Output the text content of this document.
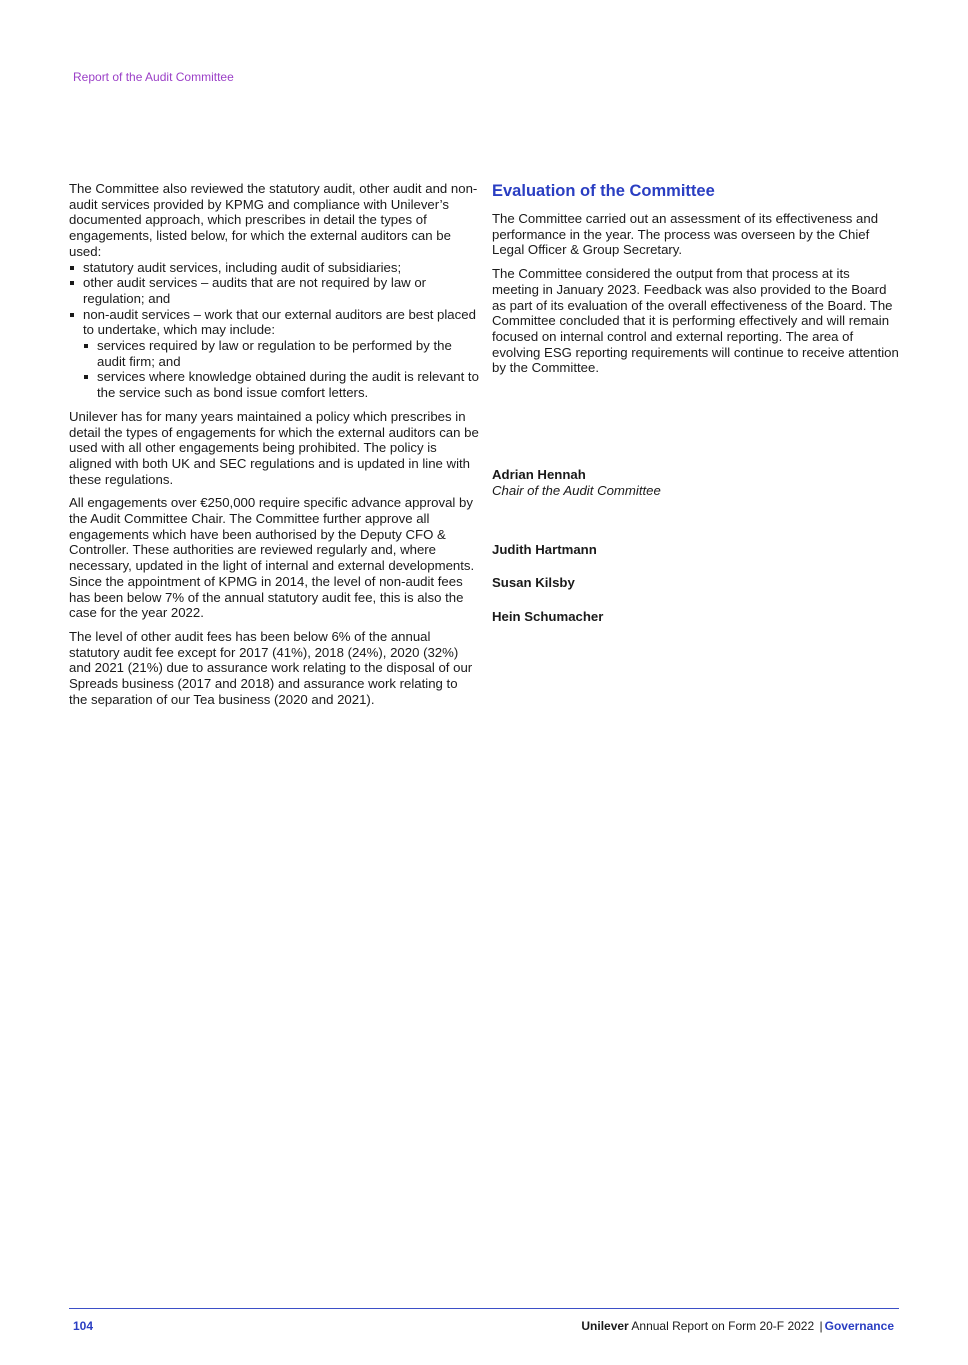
Report of the Audit Committee

The Committee also reviewed the statutory audit, other audit and non-audit services provided by KPMG and compliance with Unilever’s documented approach, which prescribes in detail the types of engagements, listed below, for which the external auditors can be used:

statutory audit services, including audit of subsidiaries;
other audit services – audits that are not required by law or regulation; and
non-audit services – work that our external auditors are best placed to undertake, which may include:
services required by law or regulation to be performed by the audit firm; and
services where knowledge obtained during the audit is relevant to the service such as bond issue comfort letters.

Unilever has for many years maintained a policy which prescribes in detail the types of engagements for which the external auditors can be used with all other engagements being prohibited. The policy is aligned with both UK and SEC regulations and is updated in line with these regulations.

All engagements over €250,000 require specific advance approval by the Audit Committee Chair. The Committee further approve all engagements which have been authorised by the Deputy CFO & Controller. These authorities are reviewed regularly and, where necessary, updated in the light of internal and external developments. Since the appointment of KPMG in 2014, the level of non-audit fees has been below 7% of the annual statutory audit fee, this is also the case for the year 2022.

The level of other audit fees has been below 6% of the annual statutory audit fee except for 2017 (41%), 2018 (24%), 2020 (32%) and 2021 (21%) due to assurance work relating to the disposal of our Spreads business (2017 and 2018) and assurance work relating to the separation of our Tea business (2020 and 2021).

Evaluation of the Committee

The Committee carried out an assessment of its effectiveness and performance in the year. The process was overseen by the Chief Legal Officer & Group Secretary.

The Committee considered the output from that process at its meeting in January 2023. Feedback was also provided to the Board as part of its evaluation of the overall effectiveness of the Board. The Committee concluded that it is performing effectively and will remain focused on internal control and external reporting. The area of evolving ESG reporting requirements will continue to receive attention by the Committee.

Adrian Hennah
Chair of the Audit Committee
Judith Hartmann
Susan Kilsby
Hein Schumacher
104	Unilever Annual Report on Form 20-F 2022 | Governance
